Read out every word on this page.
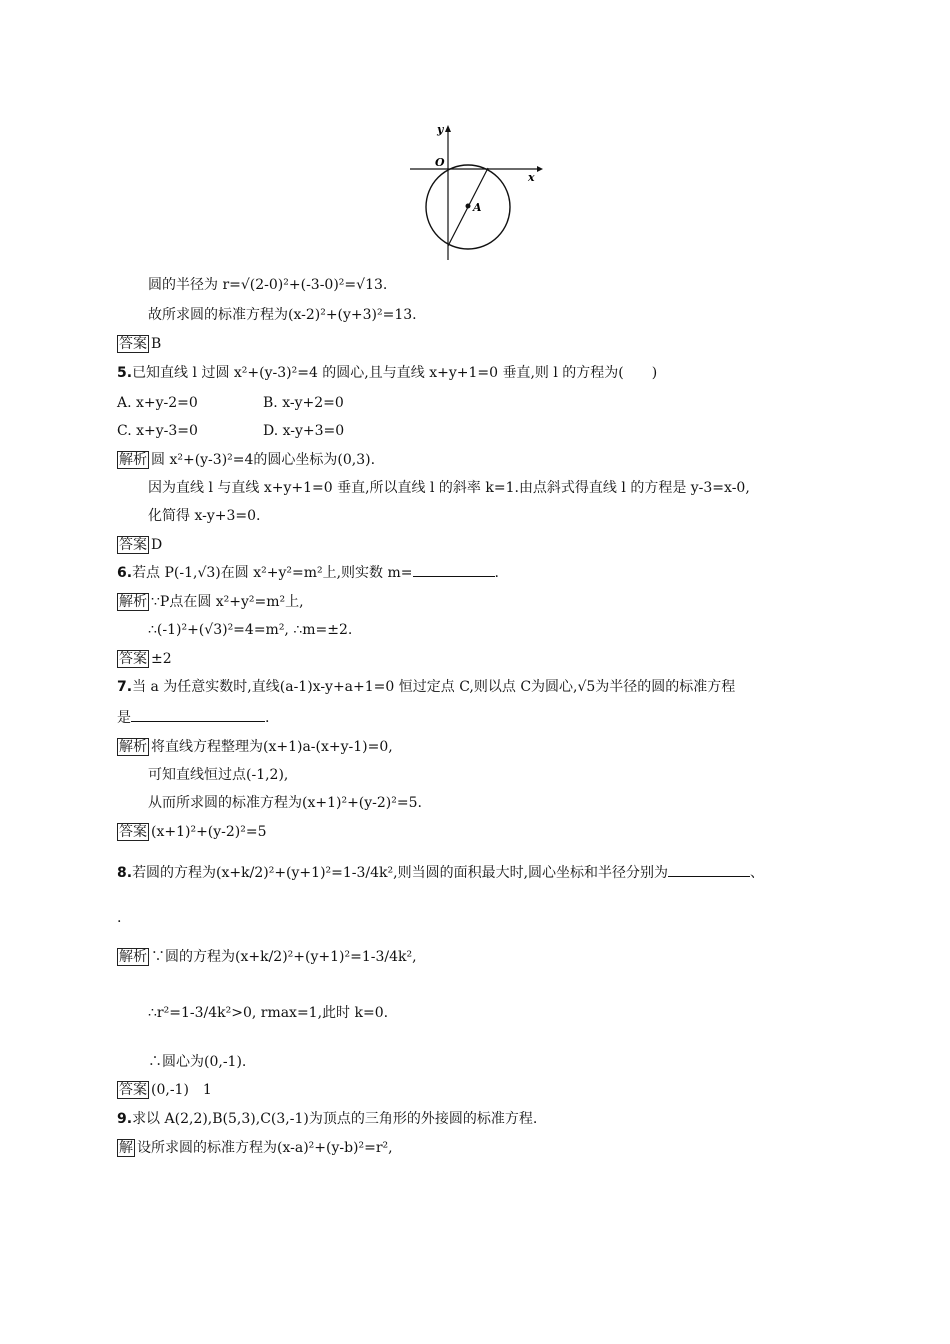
y
x
O
A
圆的半径为 r=√(2-0)²+(-3-0)²=√13.
故所求圆的标准方程为(x-2)²+(y+3)²=13.
答案 B
5.已知直线 l 过圆 x²+(y-3)²=4 的圆心,且与直线 x+y+1=0 垂直,则 l 的方程为(　　)
A. x+y-2=0	B. x-y+2=0
C. x+y-3=0	D. x-y+3=0
解析 圆 x²+(y-3)²=4的圆心坐标为(0,3).
因为直线 l 与直线 x+y+1=0 垂直,所以直线 l 的斜率 k=1.由点斜式得直线 l 的方程是 y-3=x-0,
化简得 x-y+3=0.
答案 D
6.若点 P(-1,√3)在圆 x²+y²=m²上,则实数 m=	.
解析 ∵P点在圆 x²+y²=m²上,
∴(-1)²+(√3)²=4=m², ∴m=±2.
答案 ±2
7.当 a 为任意实数时,直线(a-1)x-y+a+1=0 恒过定点 C,则以点 C为圆心,√5为半径的圆的标准方程
是	.
解析 将直线方程整理为(x+1)a-(x+y-1)=0,
可知直线恒过点(-1,2),
从而所求圆的标准方程为(x+1)²+(y-2)²=5.
答案 (x+1)²+(y-2)²=5
8.若圆的方程为(x+k/2)²+(y+1)²=1-3/4k²,则当圆的面积最大时,圆心坐标和半径分别为	、
.
解析 ∵圆的方程为(x+k/2)²+(y+1)²=1-3/4k²,
∴r²=1-3/4k²>0, rmax=1,此时 k=0.
∴圆心为(0,-1).
答案 (0,-1)　1
9.求以 A(2,2),B(5,3),C(3,-1)为顶点的三角形的外接圆的标准方程.
解 设所求圆的标准方程为(x-a)²+(y-b)²=r²,
